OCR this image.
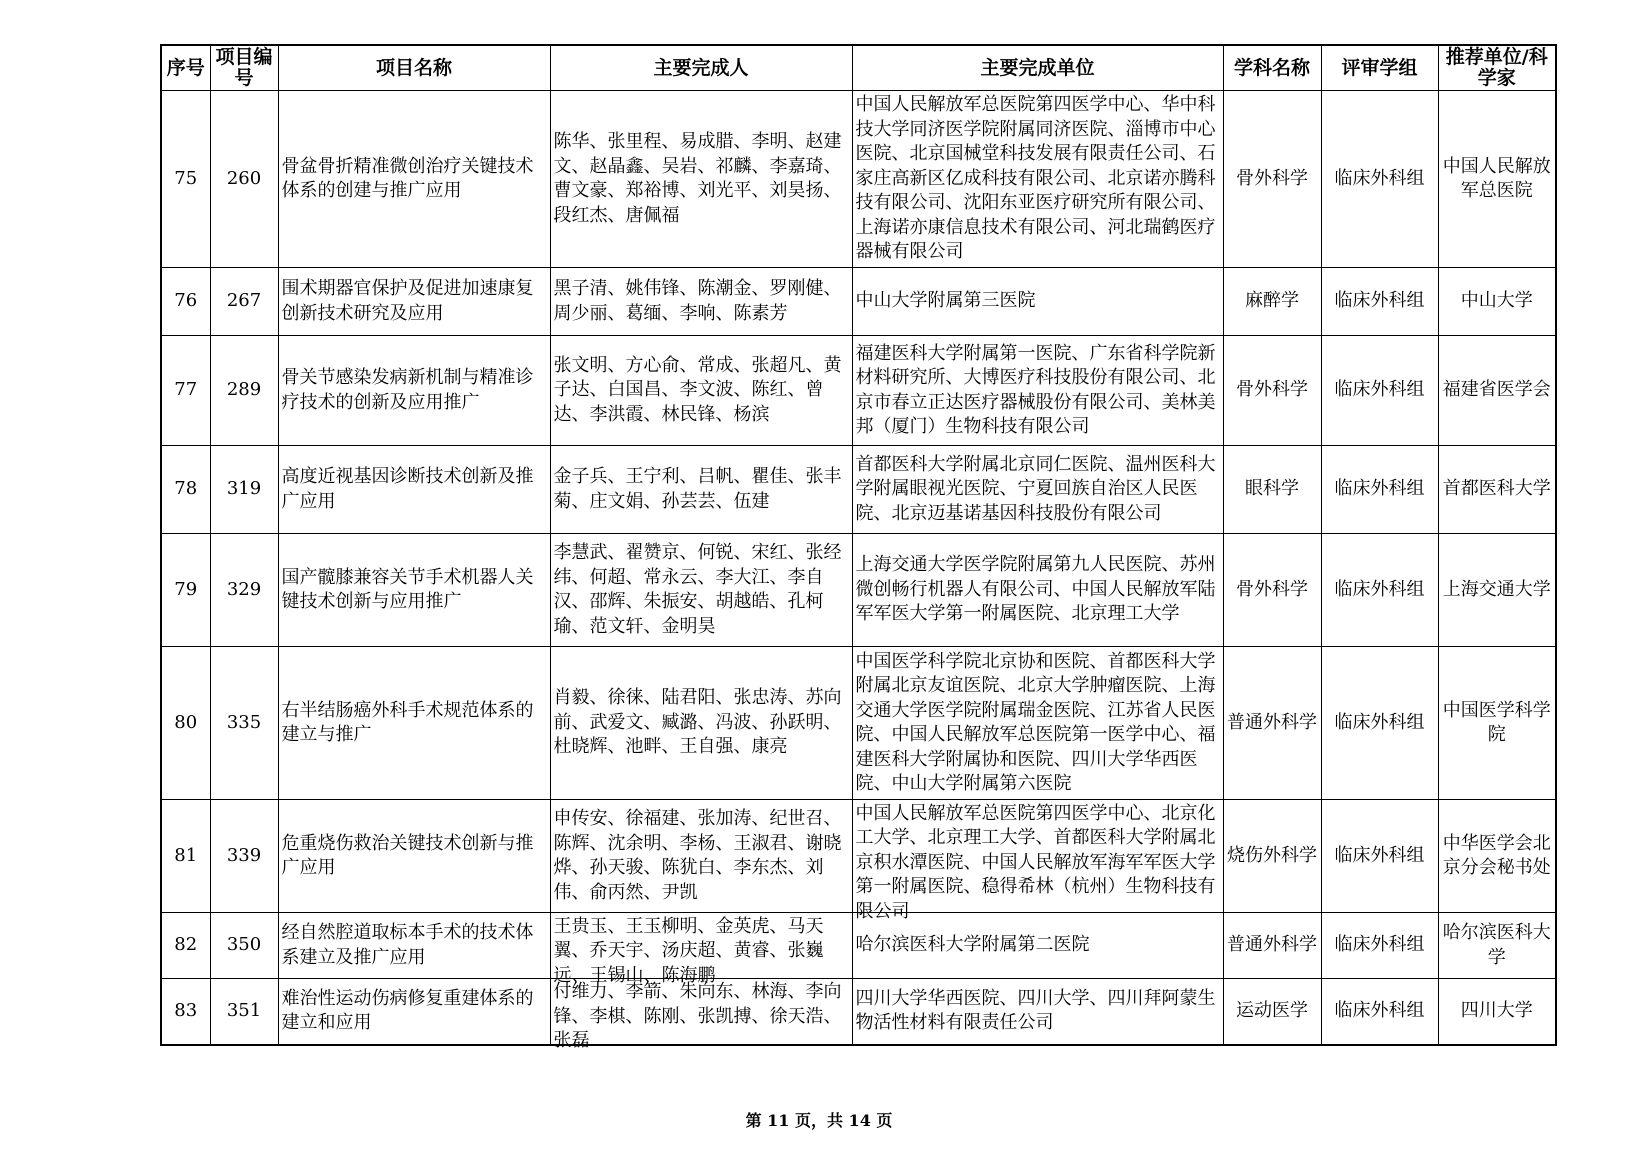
序号	项目编号	项目名称	主要完成人	主要完成单位	学科名称	评审学组	推荐单位/科学家
75	260	骨盆骨折精准微创治疗关键技术体系的创建与推广应用	陈华、张里程、易成腊、李明、赵建文、赵晶鑫、吴岩、祁麟、李嘉琦、曹文豪、郑裕博、刘光平、刘昊扬、段红杰、唐佩福	中国人民解放军总医院第四医学中心、华中科技大学同济医学院附属同济医院、淄博市中心医院、北京国械堂科技发展有限责任公司、石家庄高新区亿成科技有限公司、北京诺亦腾科技有限公司、沈阳东亚医疗研究所有限公司、上海诺亦康信息技术有限公司、河北瑞鹤医疗器械有限公司	骨外科学	临床外科组	中国人民解放军总医院
76	267	围术期器官保护及促进加速康复创新技术研究及应用	黑子清、姚伟锋、陈潮金、罗刚健、周少丽、葛缅、李响、陈素芳	中山大学附属第三医院	麻醉学	临床外科组	中山大学
77	289	骨关节感染发病新机制与精准诊疗技术的创新及应用推广	张文明、方心俞、常成、张超凡、黄子达、白国昌、李文波、陈红、曾达、李洪霞、林民锋、杨滨	福建医科大学附属第一医院、广东省科学院新材料研究所、大博医疗科技股份有限公司、北京市春立正达医疗器械股份有限公司、美林美邦（厦门）生物科技有限公司	骨外科学	临床外科组	福建省医学会
78	319	高度近视基因诊断技术创新及推广应用	金子兵、王宁利、吕帆、瞿佳、张丰菊、庄文娟、孙芸芸、伍建	首都医科大学附属北京同仁医院、温州医科大学附属眼视光医院、宁夏回族自治区人民医院、北京迈基诺基因科技股份有限公司	眼科学	临床外科组	首都医科大学
79	329	国产髋膝兼容关节手术机器人关键技术创新与应用推广	李慧武、翟赞京、何锐、宋红、张经纬、何超、常永云、李大江、李自汉、邵辉、朱振安、胡越皓、孔柯瑜、范文轩、金明昊	上海交通大学医学院附属第九人民医院、苏州微创畅行机器人有限公司、中国人民解放军陆军军医大学第一附属医院、北京理工大学	骨外科学	临床外科组	上海交通大学
80	335	右半结肠癌外科手术规范体系的建立与推广	肖毅、徐徕、陆君阳、张忠涛、苏向前、武爱文、臧潞、冯波、孙跃明、杜晓辉、池畔、王自强、康亮	中国医学科学院北京协和医院、首都医科大学附属北京友谊医院、北京大学肿瘤医院、上海交通大学医学院附属瑞金医院、江苏省人民医院、中国人民解放军总医院第一医学中心、福建医科大学附属协和医院、四川大学华西医院、中山大学附属第六医院	普通外科学	临床外科组	中国医学科学院
81	339	危重烧伤救治关键技术创新与推广应用	申传安、徐福建、张加涛、纪世召、陈辉、沈余明、李杨、王淑君、谢晓烨、孙天骏、陈犹白、李东杰、刘伟、俞丙然、尹凯	中国人民解放军总医院第四医学中心、北京化工大学、北京理工大学、首都医科大学附属北京积水潭医院、中国人民解放军海军军医大学第一附属医院、稳得希林（杭州）生物科技有限公司	烧伤外科学	临床外科组	中华医学会北京分会秘书处
82	350	经自然腔道取标本手术的技术体系建立及推广应用	王贵玉、王玉柳明、金英虎、马天翼、乔天宇、汤庆超、黄睿、张巍远、王锡山、陈海鹏	哈尔滨医科大学附属第二医院	普通外科学	临床外科组	哈尔滨医科大学
83	351	难治性运动伤病修复重建体系的建立和应用	付维力、李箭、朱向东、林海、李向锋、李棋、陈刚、张凯搏、徐天浩、张磊	四川大学华西医院、四川大学、四川拜阿蒙生物活性材料有限责任公司	运动医学	临床外科组	四川大学
第 11 页，共 14 页
